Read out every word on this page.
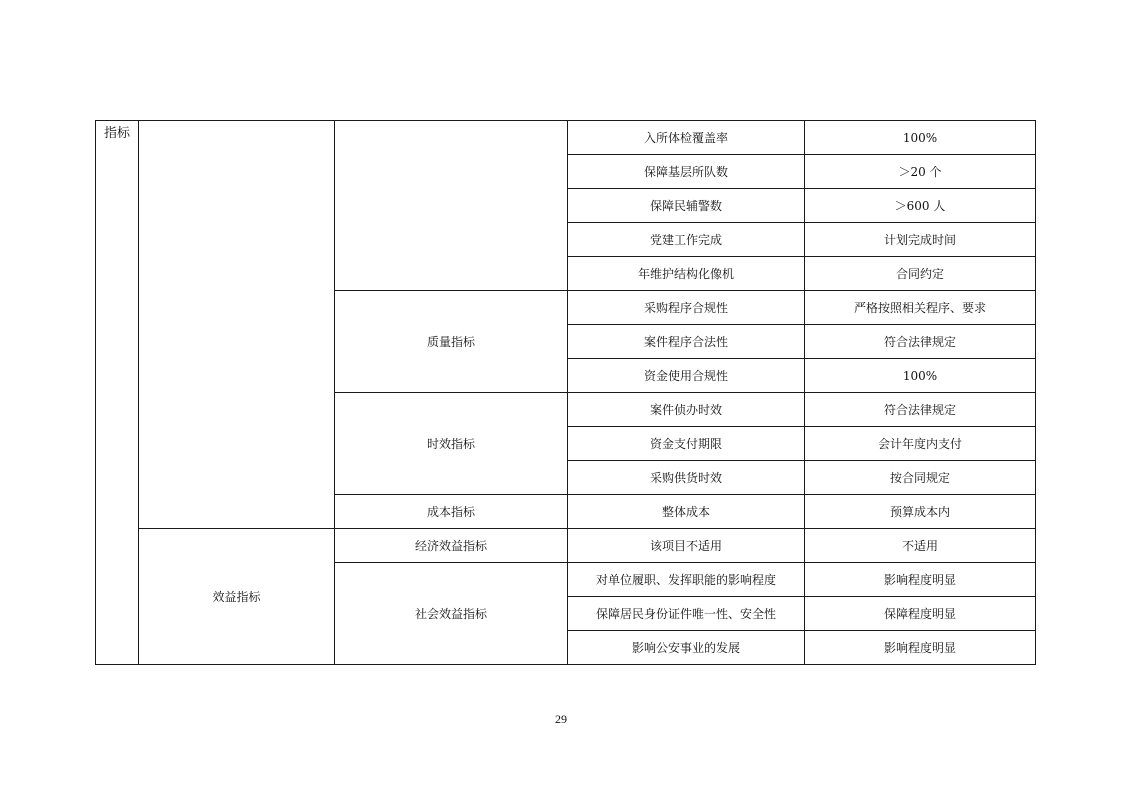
指标			入所体检覆盖率	100%
			保障基层所队数	＞20 个
			保障民辅警数	＞600 人
			党建工作完成	计划完成时间
			年维护结构化像机	合同约定
		质量指标	采购程序合规性	严格按照相关程序、要求
			案件程序合法性	符合法律规定
			资金使用合规性	100%
		时效指标	案件侦办时效	符合法律规定
			资金支付期限	会计年度内支付
			采购供货时效	按合同规定
		成本指标	整体成本	预算成本内
	效益指标	经济效益指标	该项目不适用	不适用
		社会效益指标	对单位履职、发挥职能的影响程度	影响程度明显
			保障居民身份证件唯一性、安全性	保障程度明显
			影响公安事业的发展	影响程度明显
29
